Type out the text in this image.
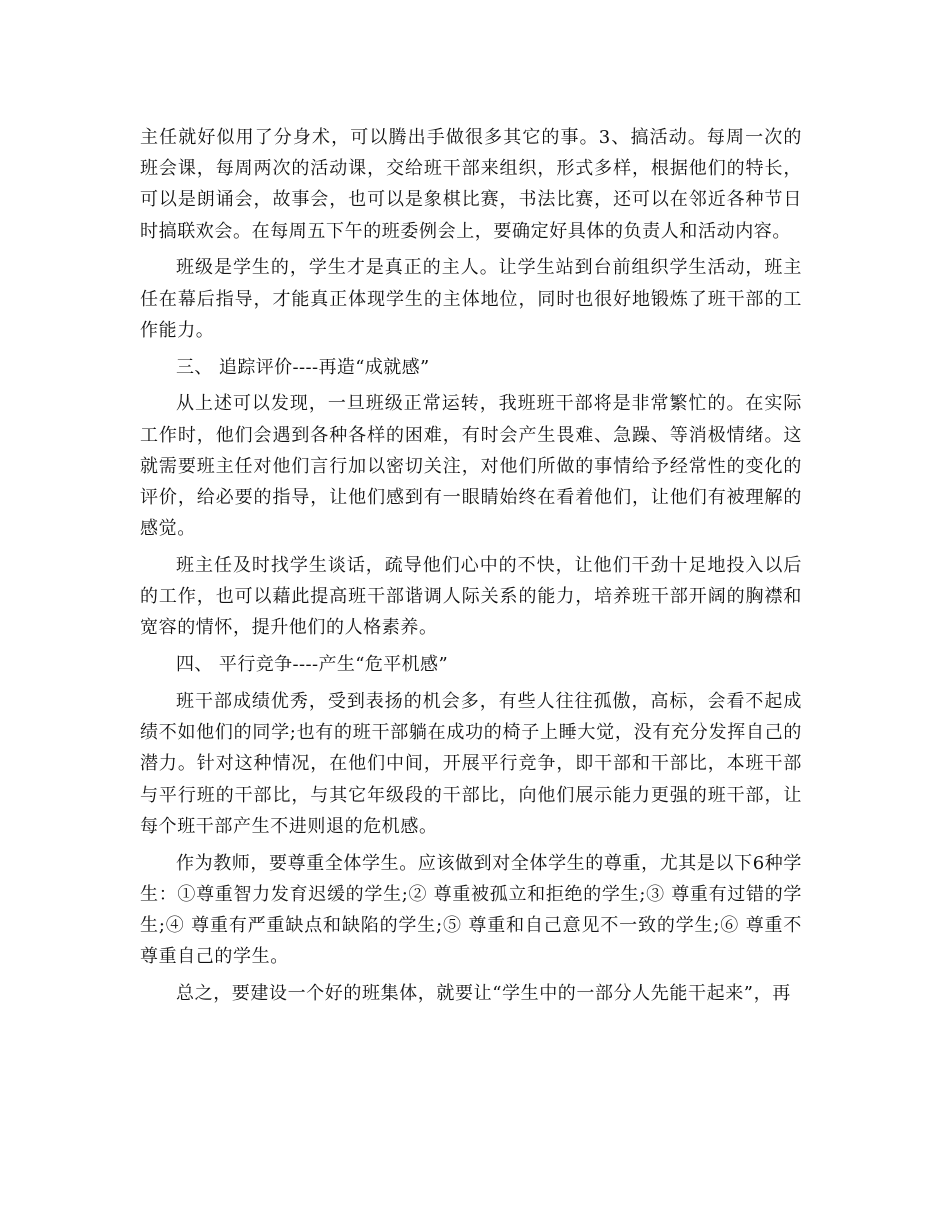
主任就好似用了分身术，可以腾出手做很多其它的事。3、搞活动。每周一次的班会课，每周两次的活动课，交给班干部来组织，形式多样，根据他们的特长，可以是朗诵会，故事会，也可以是象棋比赛，书法比赛，还可以在邻近各种节日时搞联欢会。在每周五下午的班委例会上，要确定好具体的负责人和活动内容。

班级是学生的，学生才是真正的主人。让学生站到台前组织学生活动，班主任在幕后指导，才能真正体现学生的主体地位，同时也很好地锻炼了班干部的工作能力。

三、 追踪评价----再造“成就感”

从上述可以发现，一旦班级正常运转，我班班干部将是非常繁忙的。在实际工作时，他们会遇到各种各样的困难，有时会产生畏难、急躁、等消极情绪。这就需要班主任对他们言行加以密切关注，对他们所做的事情给予经常性的变化的评价，给必要的指导，让他们感到有一眼睛始终在看着他们，让他们有被理解的感觉。

班主任及时找学生谈话，疏导他们心中的不快，让他们干劲十足地投入以后的工作，也可以藉此提高班干部谐调人际关系的能力，培养班干部开阔的胸襟和宽容的情怀，提升他们的人格素养。

四、 平行竞争----产生“危平机感”

班干部成绩优秀，受到表扬的机会多，有些人往往孤傲，高标，会看不起成绩不如他们的同学;也有的班干部躺在成功的椅子上睡大觉，没有充分发挥自己的潜力。针对这种情况，在他们中间，开展平行竞争，即干部和干部比，本班干部与平行班的干部比，与其它年级段的干部比，向他们展示能力更强的班干部，让每个班干部产生不进则退的危机感。

作为教师，要尊重全体学生。应该做到对全体学生的尊重，尤其是以下6种学生：①尊重智力发育迟缓的学生;② 尊重被孤立和拒绝的学生;③ 尊重有过错的学生;④ 尊重有严重缺点和缺陷的学生;⑤ 尊重和自己意见不一致的学生;⑥ 尊重不尊重自己的学生。

总之，要建设一个好的班集体，就要让“学生中的一部分人先能干起来”，再
